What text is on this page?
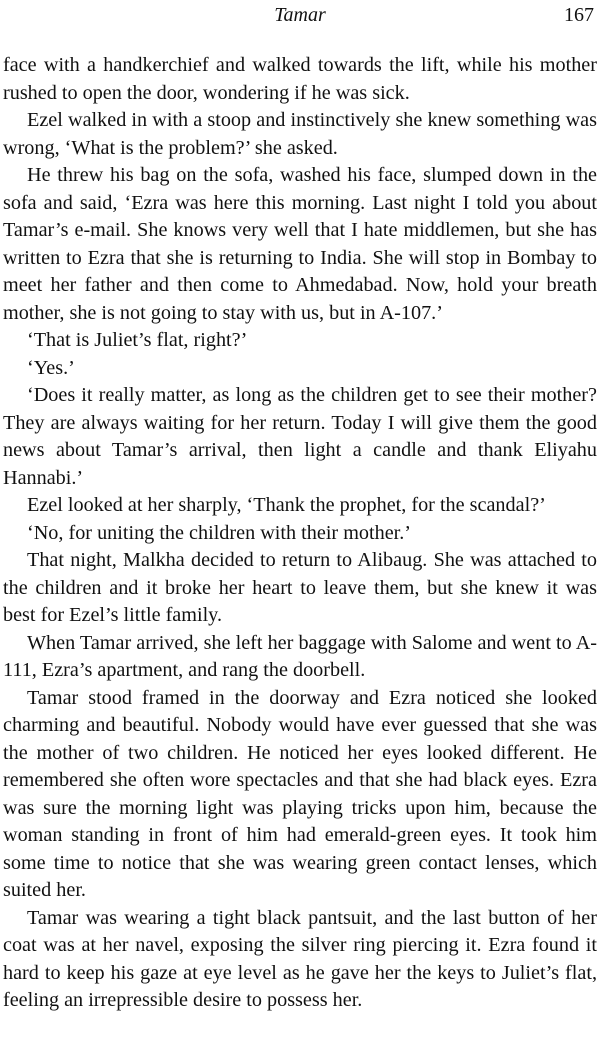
Tamar	167

face with a handkerchief and walked towards the lift, while his mother rushed to open the door, wondering if he was sick.

Ezel walked in with a stoop and instinctively she knew something was wrong, ‘What is the problem?’ she asked.

He threw his bag on the sofa, washed his face, slumped down in the sofa and said, ‘Ezra was here this morning. Last night I told you about Tamar’s e-mail. She knows very well that I hate middlemen, but she has written to Ezra that she is returning to India. She will stop in Bombay to meet her father and then come to Ahmedabad. Now, hold your breath mother, she is not going to stay with us, but in A-107.’

‘That is Juliet’s flat, right?’

‘Yes.’

‘Does it really matter, as long as the children get to see their mother? They are always waiting for her return. Today I will give them the good news about Tamar’s arrival, then light a candle and thank Eliyahu Hannabi.’

Ezel looked at her sharply, ‘Thank the prophet, for the scandal?’

‘No, for uniting the children with their mother.’

That night, Malkha decided to return to Alibaug. She was attached to the children and it broke her heart to leave them, but she knew it was best for Ezel’s little family.

When Tamar arrived, she left her baggage with Salome and went to A-111, Ezra’s apartment, and rang the doorbell.

Tamar stood framed in the doorway and Ezra noticed she looked charming and beautiful. Nobody would have ever guessed that she was the mother of two children. He noticed her eyes looked different. He remembered she often wore spectacles and that she had black eyes. Ezra was sure the morning light was playing tricks upon him, because the woman standing in front of him had emerald-green eyes. It took him some time to notice that she was wearing green contact lenses, which suited her.

Tamar was wearing a tight black pantsuit, and the last button of her coat was at her navel, exposing the silver ring piercing it. Ezra found it hard to keep his gaze at eye level as he gave her the keys to Juliet’s flat, feeling an irrepressible desire to possess her.
